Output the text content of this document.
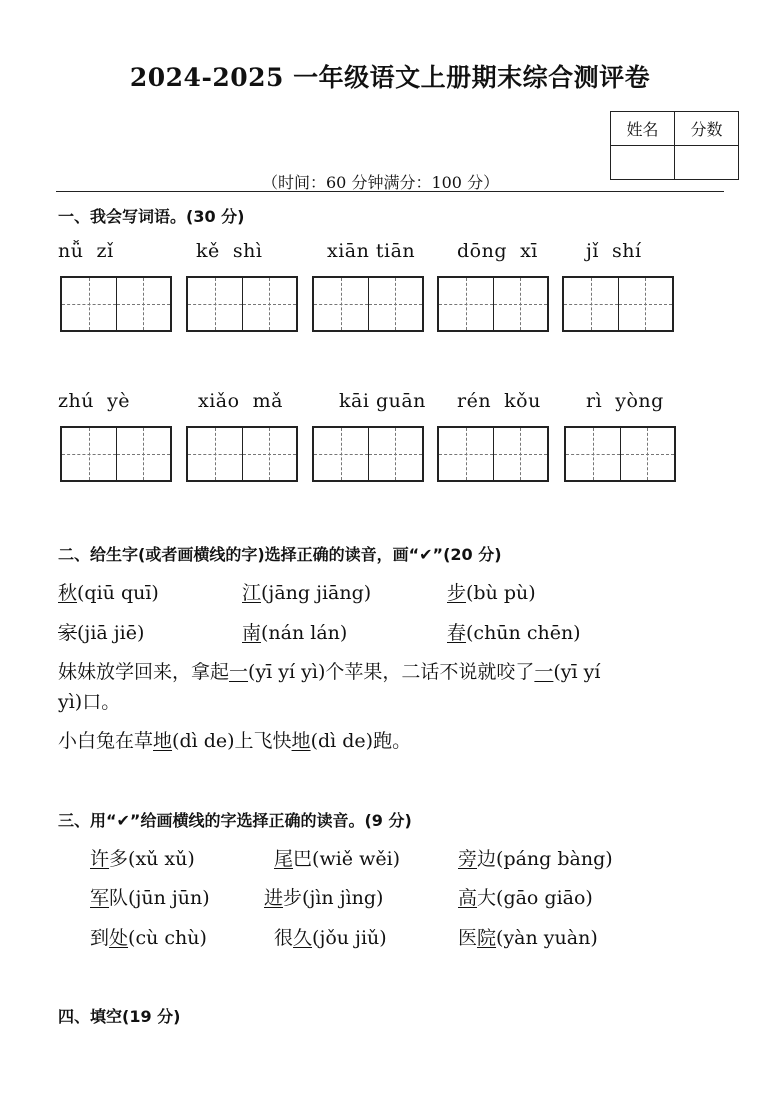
2024-2025 一年级语文上册期末综合测评卷
姓名	分数

（时间：60 分钟满分：100 分）
一、我会写词语。(30 分)
nǚ  zǐ	kě  shì	xiān tiān	dōng  xī	jǐ  shí
zhú  yè	xiǎo  mǎ	kāi guān	rén  kǒu	rì  yòng
二、给生字(或者画横线的字)选择正确的读音，画“✔”(20 分)
秋(qiū quī)	江(jāng jiāng)	步(bù pù)
家(jiā jiē)	南(nán lán)	春(chūn chēn)
妹妹放学回来，拿起一(yī yí yì)个苹果，二话不说就咬了一(yī yí
yì)口。
小白兔在草地(dì de)上飞快地(dì de)跑。
三、用“✔”给画横线的字选择正确的读音。(9 分)
许多(xǔ xǔ)	尾巴(wiě wěi)	旁边(páng bàng)
军队(jūn jūn)	进步(jìn jìng)	高大(gāo giāo)
到处(cù chù)	很久(jǒu jiǔ)	医院(yàn yuàn)
四、填空(19 分)
